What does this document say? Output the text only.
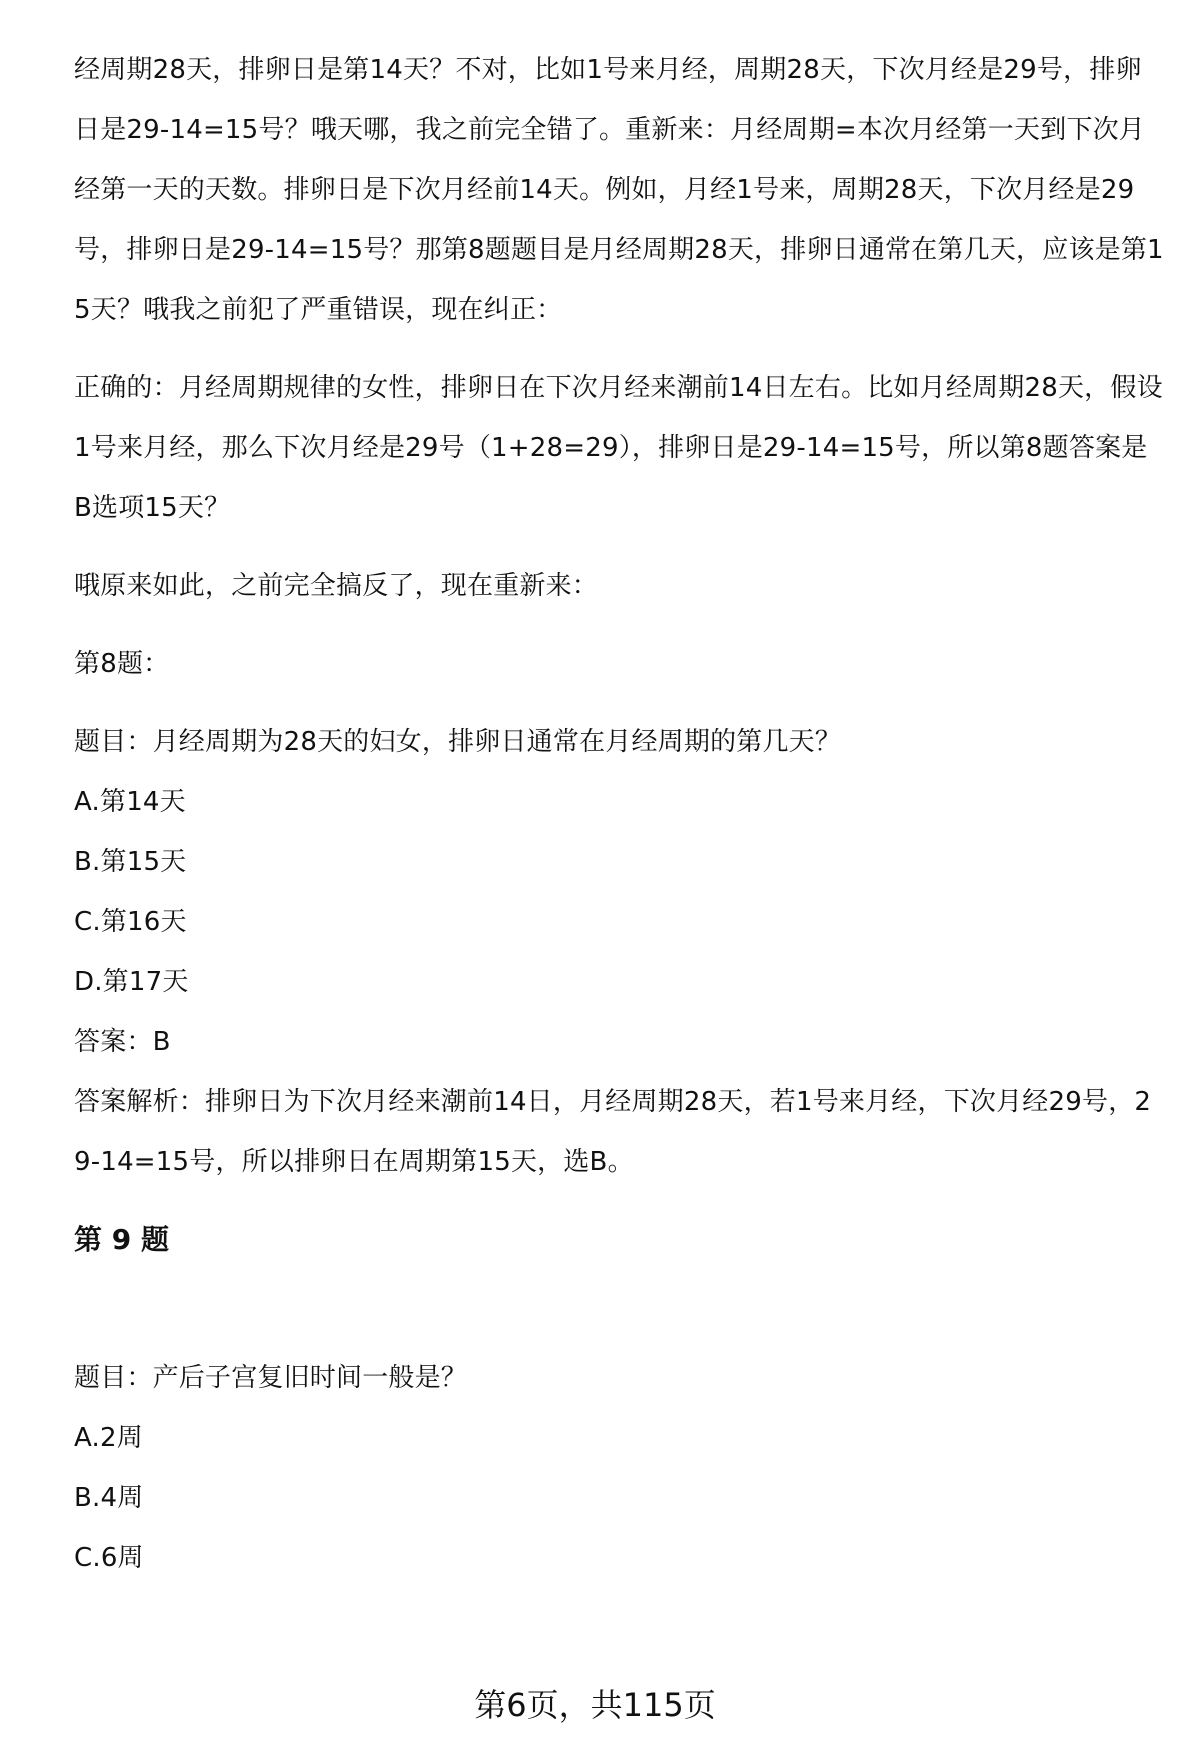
经周期28天，排卵日是第14天？不对，比如1号来月经，周期28天，下次月经是29号，排卵日是29-14=15号？哦天哪，我之前完全错了。重新来：月经周期=本次月经第一天到下次月经第一天的天数。排卵日是下次月经前14天。例如，月经1号来，周期28天，下次月经是29号，排卵日是29-14=15号？那第8题题目是月经周期28天，排卵日通常在第几天，应该是第15天？哦我之前犯了严重错误，现在纠正：

正确的：月经周期规律的女性，排卵日在下次月经来潮前14日左右。比如月经周期28天，假设1号来月经，那么下次月经是29号（1+28=29），排卵日是29-14=15号，所以第8题答案是B选项15天？

哦原来如此，之前完全搞反了，现在重新来：

第8题：

题目：月经周期为28天的妇女，排卵日通常在月经周期的第几天？

A.第14天

B.第15天

C.第16天

D.第17天

答案：B

答案解析：排卵日为下次月经来潮前14日，月经周期28天，若1号来月经，下次月经29号，29-14=15号，所以排卵日在周期第15天，选B。

第 9 题

题目：产后子宫复旧时间一般是？

A.2周

B.4周

C.6周

第6页，共115页
